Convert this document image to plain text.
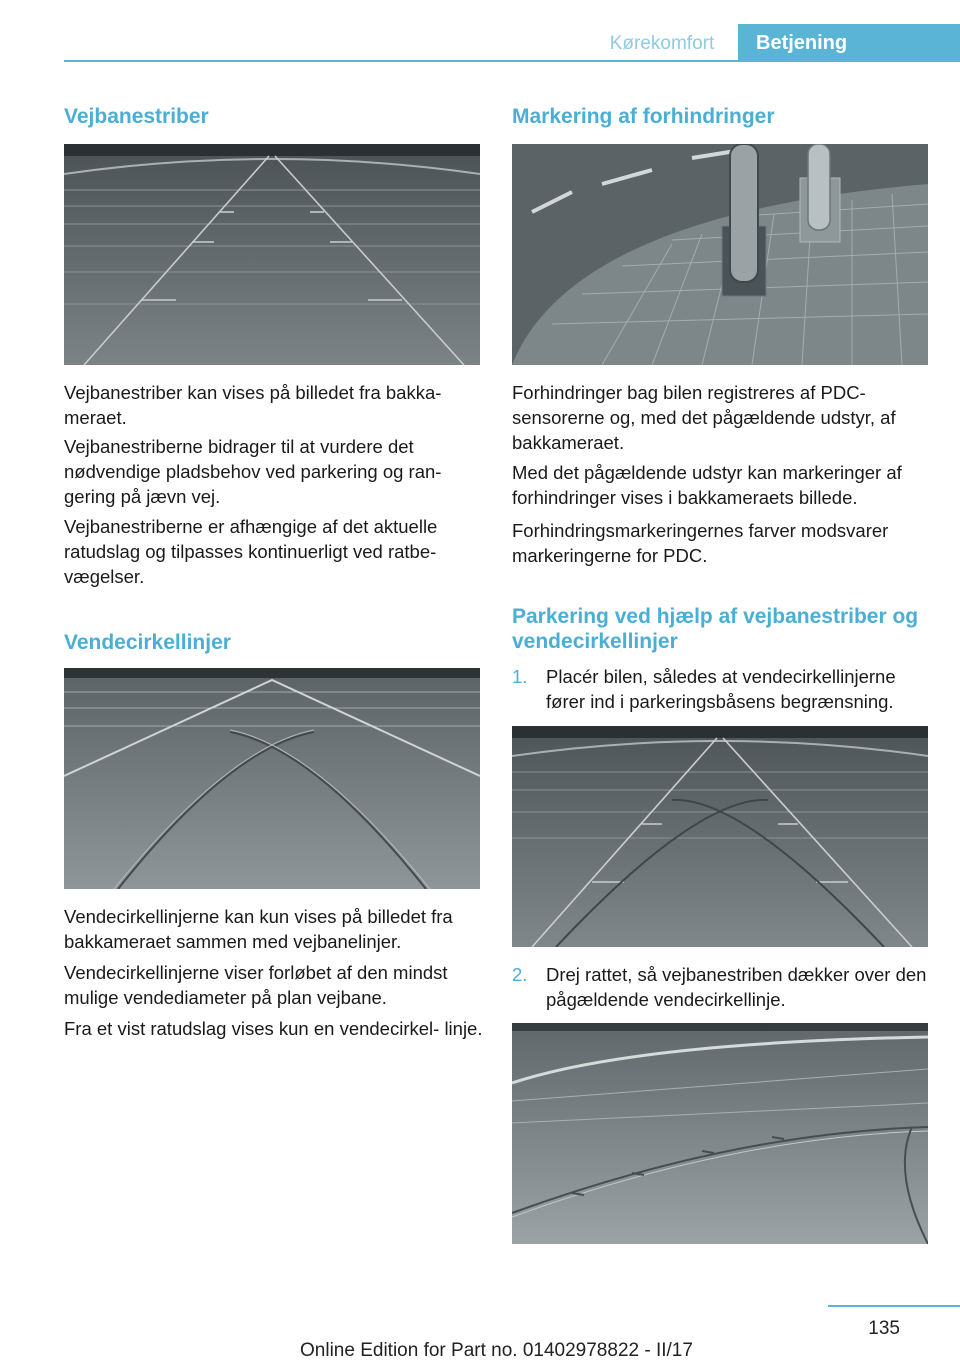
Kørekomfort	Betjening
Vejbanestriber

Vejbanestriber kan vises på billedet fra bakka‐ meraet.

Vejbanestriberne bidrager til at vurdere det nødvendige pladsbehov ved parkering og ran‐ gering på jævn vej.

Vejbanestriberne er afhængige af det aktuelle ratudslag og tilpasses kontinuerligt ved ratbe‐ vægelser.

Vendecirkellinjer

Vendecirkellinjerne kan kun vises på billedet fra bakkameraet sammen med vejbanelinjer.

Vendecirkellinjerne viser forløbet af den mindst mulige vendediameter på plan vejbane.

Fra et vist ratudslag vises kun en vendecirkel‐ linje.

Markering af forhindringer

Forhindringer bag bilen registreres af PDC- sensorerne og, med det pågældende udstyr, af bakkameraet.

Med det pågældende udstyr kan markeringer af forhindringer vises i bakkameraets billede.

Forhindringsmarkeringernes farver modsvarer markeringerne for PDC.

Parkering ved hjælp af vejbanestriber og vendecirkellinjer
1. Placér bilen, således at vendecirkellinjerne fører ind i parkeringsbåsens begrænsning.
2. Drej rattet, så vejbanestriben dækker over den pågældende vendecirkellinje.
135
Online Edition for Part no. 01402978822 - II/17
